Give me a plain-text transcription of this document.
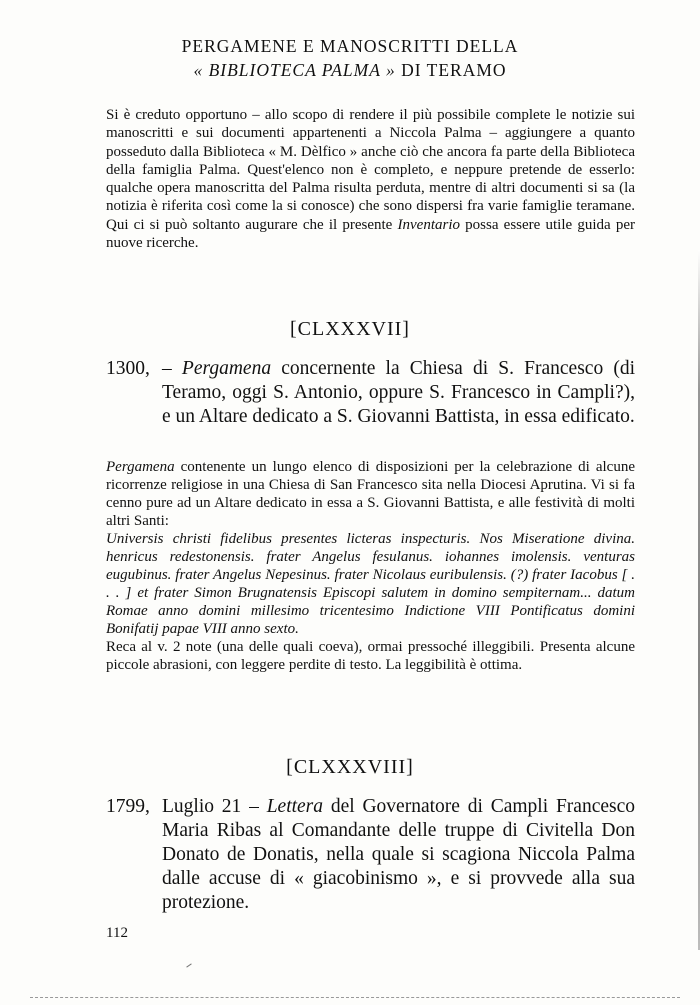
PERGAMENE E MANOSCRITTI DELLA
« BIBLIOTECA PALMA » DI TERAMO
Si è creduto opportuno – allo scopo di rendere il più possibile complete le notizie sui manoscritti e sui documenti appartenenti a Niccola Palma – aggiungere a quanto posseduto dalla Biblioteca « M. Dèlfico » anche ciò che ancora fa parte della Biblioteca della famiglia Palma. Quest'elenco non è completo, e neppure pretende de esserlo: qualche opera manoscritta del Palma risulta perduta, mentre di altri documenti si sa (la notizia è riferita così come la si conosce) che sono dispersi fra varie famiglie teramane. Qui ci si può soltanto augurare che il presente Inventario possa essere utile guida per nuove ricerche.
[CLXXXVII]
1300, – Pergamena concernente la Chiesa di S. Francesco (di Teramo, oggi S. Antonio, oppure S. Francesco in Campli?), e un Altare dedicato a S. Giovanni Battista, in essa edificato.

Pergamena contenente un lungo elenco di disposizioni per la celebrazione di alcune ricorrenze religiose in una Chiesa di San Francesco sita nella Diocesi Aprutina. Vi si fa cenno pure ad un Altare dedicato in essa a S. Giovanni Battista, e alle festività di molti altri Santi:

Universis christi fidelibus presentes licteras inspecturis. Nos Miseratione divina. henricus redestonensis. frater Angelus fesulanus. iohannes imolensis. venturas eugubinus. frater Angelus Nepesinus. frater Nicolaus euribulensis. (?) frater Iacobus [ . . . ] et frater Simon Brugnatensis Episcopi salutem in domino sempiternam... datum Romae anno domini millesimo tricentesimo Indictione VIII Pontificatus domini Bonifatij papae VIII anno sexto.

Reca al v. 2 note (una delle quali coeva), ormai pressoché illeggibili. Presenta alcune piccole abrasioni, con leggere perdite di testo. La leggibilità è ottima.

[CLXXXVIII]
1799, Luglio 21 – Lettera del Governatore di Campli Francesco Maria Ribas al Comandante delle truppe di Civitella Don Donato de Donatis, nella quale si scagiona Niccola Palma dalle accuse di « giacobinismo », e si provvede alla sua protezione.
112
